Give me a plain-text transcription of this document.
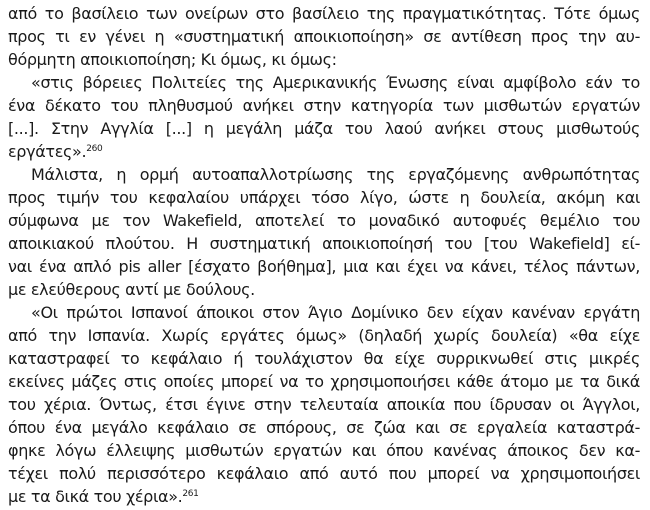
από το βασίλειο των ονείρων στο βασίλειο της πραγματικότητας. Τότε όμως
προς τι εν γένει η «συστηματική αποικιοποίηση» σε αντίθεση προς την αυ-
θόρμητη αποικιοποίηση; Κι όμως, κι όμως:
«στις βόρειες Πολιτείες της Αμερικανικής Ένωσης είναι αμφίβολο εάν το
ένα δέκατο του πληθυσμού ανήκει στην κατηγορία των μισθωτών εργατών
[...]. Στην Αγγλία [...] η μεγάλη μάζα του λαού ανήκει στους μισθωτούς
εργάτες».$^{260}$
Μάλιστα, η ορμή αυτοαπαλλοτρίωσης της εργαζόμενης ανθρωπότητας
προς τιμήν του κεφαλαίου υπάρχει τόσο λίγο, ώστε η δουλεία, ακόμη και
σύμφωνα με τον Wakefield, αποτελεί το μοναδικό αυτοφυές θεμέλιο του
αποικιακού πλούτου. Η συστηματική αποικιοποίησή του [του Wakefield] εί-
ναι ένα απλό pis aller [έσχατο βοήθημα], μια και έχει να κάνει, τέλος πάντων,
με ελεύθερους αντί με δούλους.
«Οι πρώτοι Ισπανοί άποικοι στον Άγιο Δομίνικο δεν είχαν κανέναν εργάτη
από την Ισπανία. Χωρίς εργάτες όμως» (δηλαδή χωρίς δουλεία) «θα είχε
καταστραφεί το κεφάλαιο ή τουλάχιστον θα είχε συρρικνωθεί στις μικρές
εκείνες μάζες στις οποίες μπορεί να το χρησιμοποιήσει κάθε άτομο με τα δικά
του χέρια. Όντως, έτσι έγινε στην τελευταία αποικία που ίδρυσαν οι Άγγλοι,
όπου ένα μεγάλο κεφάλαιο σε σπόρους, σε ζώα και σε εργαλεία καταστρά-
φηκε λόγω έλλειψης μισθωτών εργατών και όπου κανένας άποικος δεν κα-
τέχει πολύ περισσότερο κεφάλαιο από αυτό που μπορεί να χρησιμοποιήσει
με τα δικά του χέρια».$^{261}$
